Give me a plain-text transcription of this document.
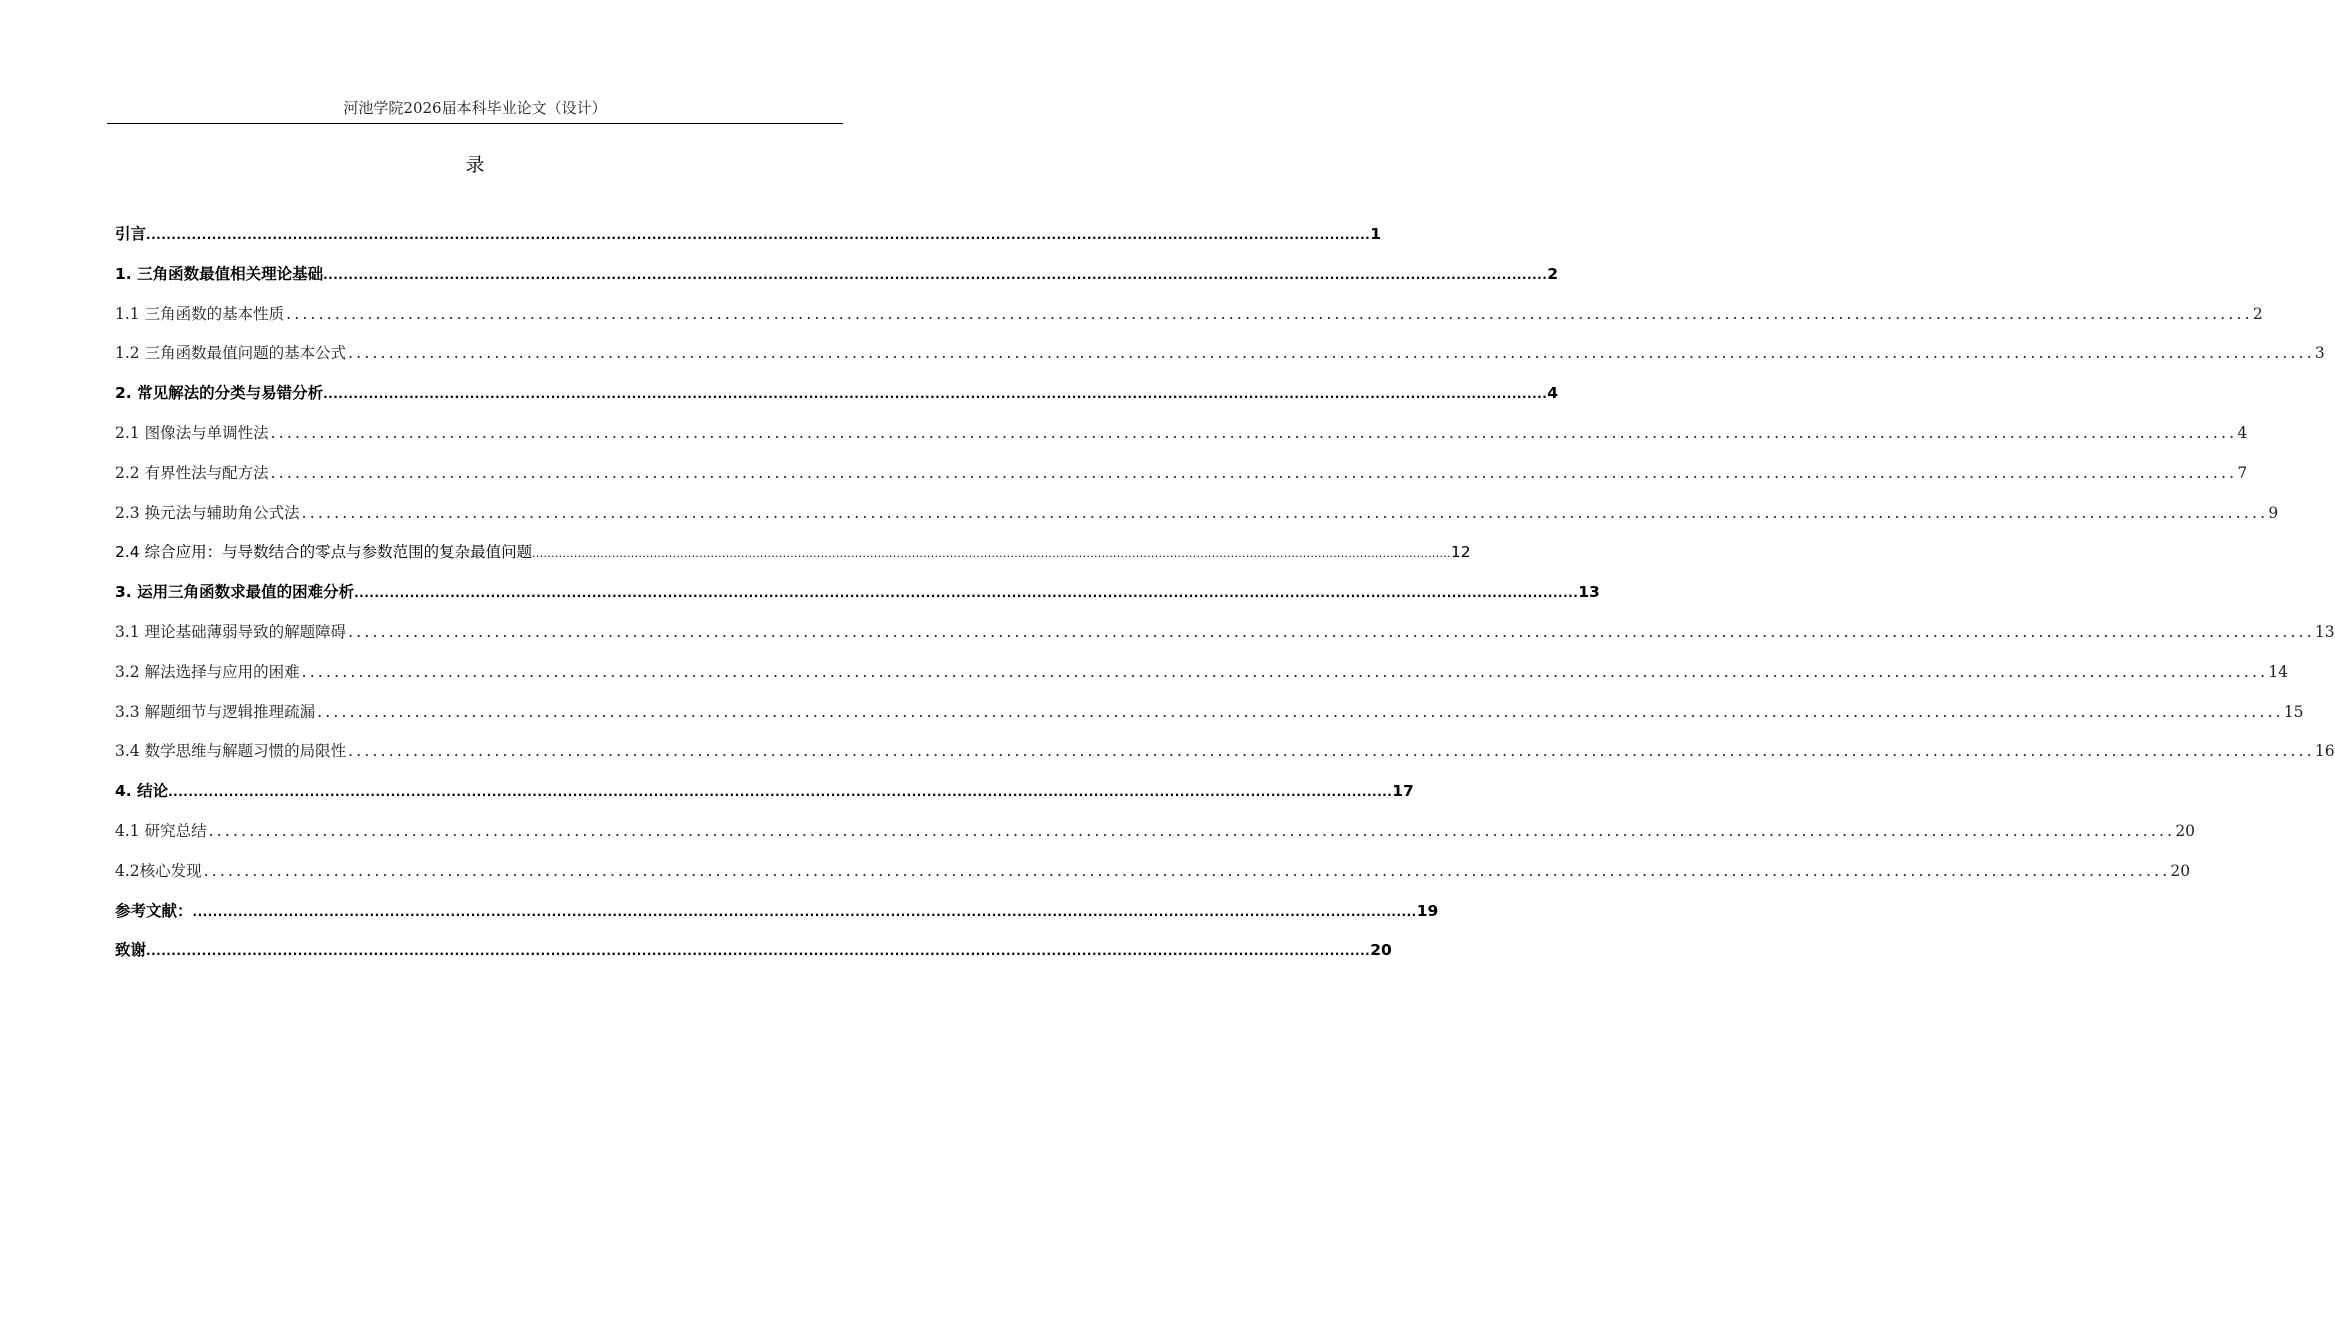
河池学院2026届本科毕业论文（设计）
录
引言 .................................................................................................................................................................................................................................................. 1
1. 三角函数最值相关理论基础 .................................................................................................................................................................................................................................................. 2
1.1 三角函数的基本性质 .................................................................................................................................................................................................................................................. 2
1.2 三角函数最值问题的基本公式 .................................................................................................................................................................................................................................................. 3
2. 常见解法的分类与易错分析 .................................................................................................................................................................................................................................................. 4
2.1 图像法与单调性法 .................................................................................................................................................................................................................................................. 4
2.2 有界性法与配方法 .................................................................................................................................................................................................................................................. 7
2.3 换元法与辅助角公式法 .................................................................................................................................................................................................................................................. 9
2.4 综合应用：与导数结合的零点与参数范围的复杂最值问题 .................................................................................................................................................................................................................................................. 12
3. 运用三角函数求最值的困难分析 .................................................................................................................................................................................................................................................. 13
3.1 理论基础薄弱导致的解题障碍 .................................................................................................................................................................................................................................................. 13
3.2 解法选择与应用的困难 .................................................................................................................................................................................................................................................. 14
3.3 解题细节与逻辑推理疏漏 .................................................................................................................................................................................................................................................. 15
3.4 数学思维与解题习惯的局限性 .................................................................................................................................................................................................................................................. 16
4. 结论 .................................................................................................................................................................................................................................................. 17
4.1 研究总结 .................................................................................................................................................................................................................................................. 20
4.2核心发现 .................................................................................................................................................................................................................................................. 20
参考文献： .................................................................................................................................................................................................................................................. 19
致谢 .................................................................................................................................................................................................................................................. 20
